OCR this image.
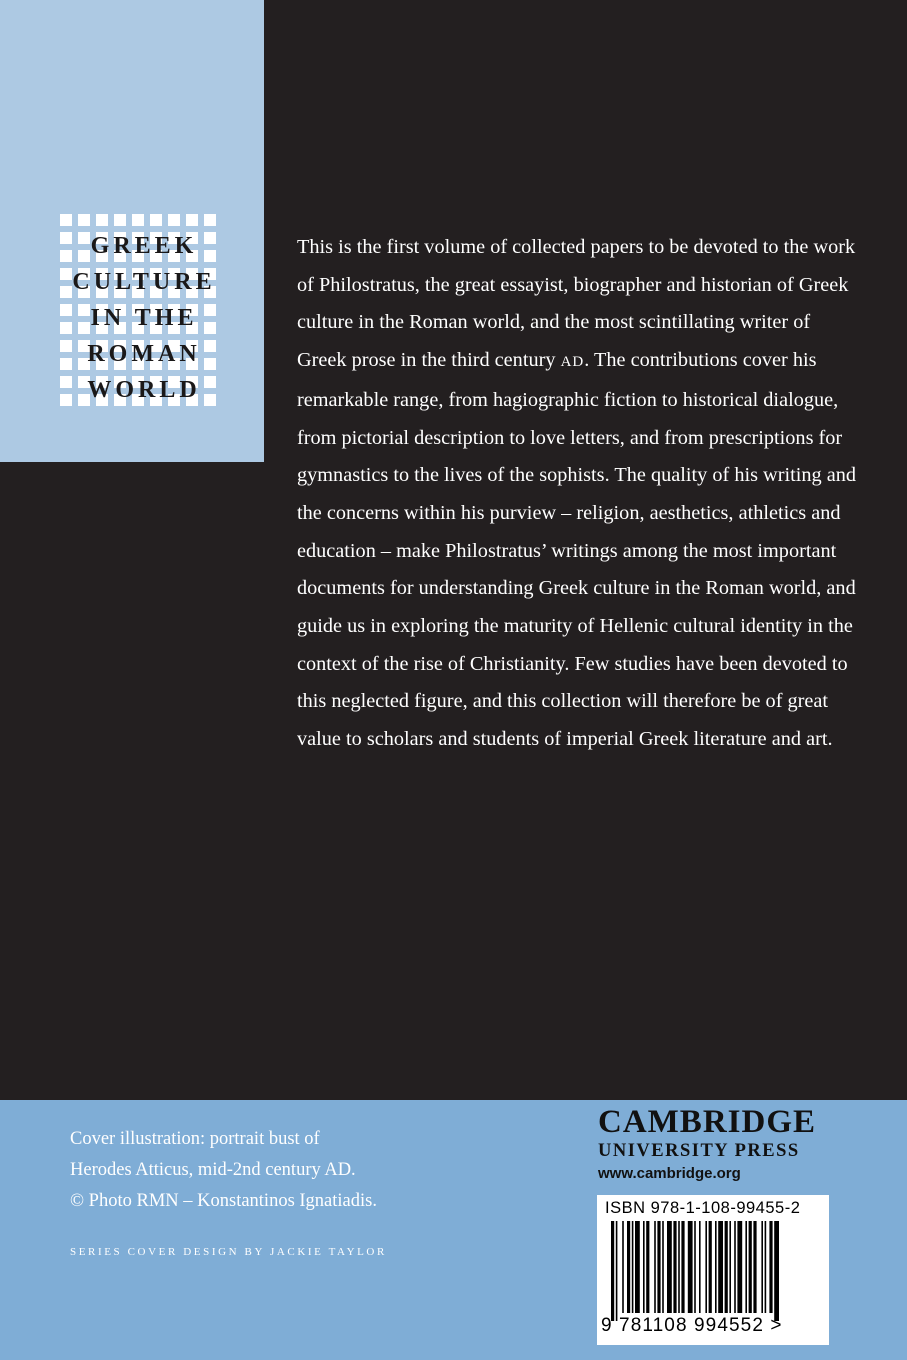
GREEK
CULTURE
IN THE
ROMAN
WORLD

This is the first volume of collected papers to be devoted to the work of Philostratus, the great essayist, biographer and historian of Greek culture in the Roman world, and the most scintillating writer of Greek prose in the third century AD. The contributions cover his remarkable range, from hagiographic fiction to historical dialogue, from pictorial description to love letters, and from prescriptions for gymnastics to the lives of the sophists. The quality of his writing and the concerns within his purview – religion, aesthetics, athletics and education – make Philostratus’ writings among the most important documents for understanding Greek culture in the Roman world, and guide us in exploring the maturity of Hellenic cultural identity in the context of the rise of Christianity. Few studies have been devoted to this neglected figure, and this collection will therefore be of great value to scholars and students of imperial Greek literature and art.

Cover illustration: portrait bust of
Herodes Atticus, mid-2nd century AD.
© Photo RMN – Konstantinos Ignatiadis.
SERIES COVER DESIGN BY JACKIE TAYLOR
CAMBRIDGE
UNIVERSITY PRESS
www.cambridge.org
ISBN 978-1-108-99455-2
9 781108 994552 >
